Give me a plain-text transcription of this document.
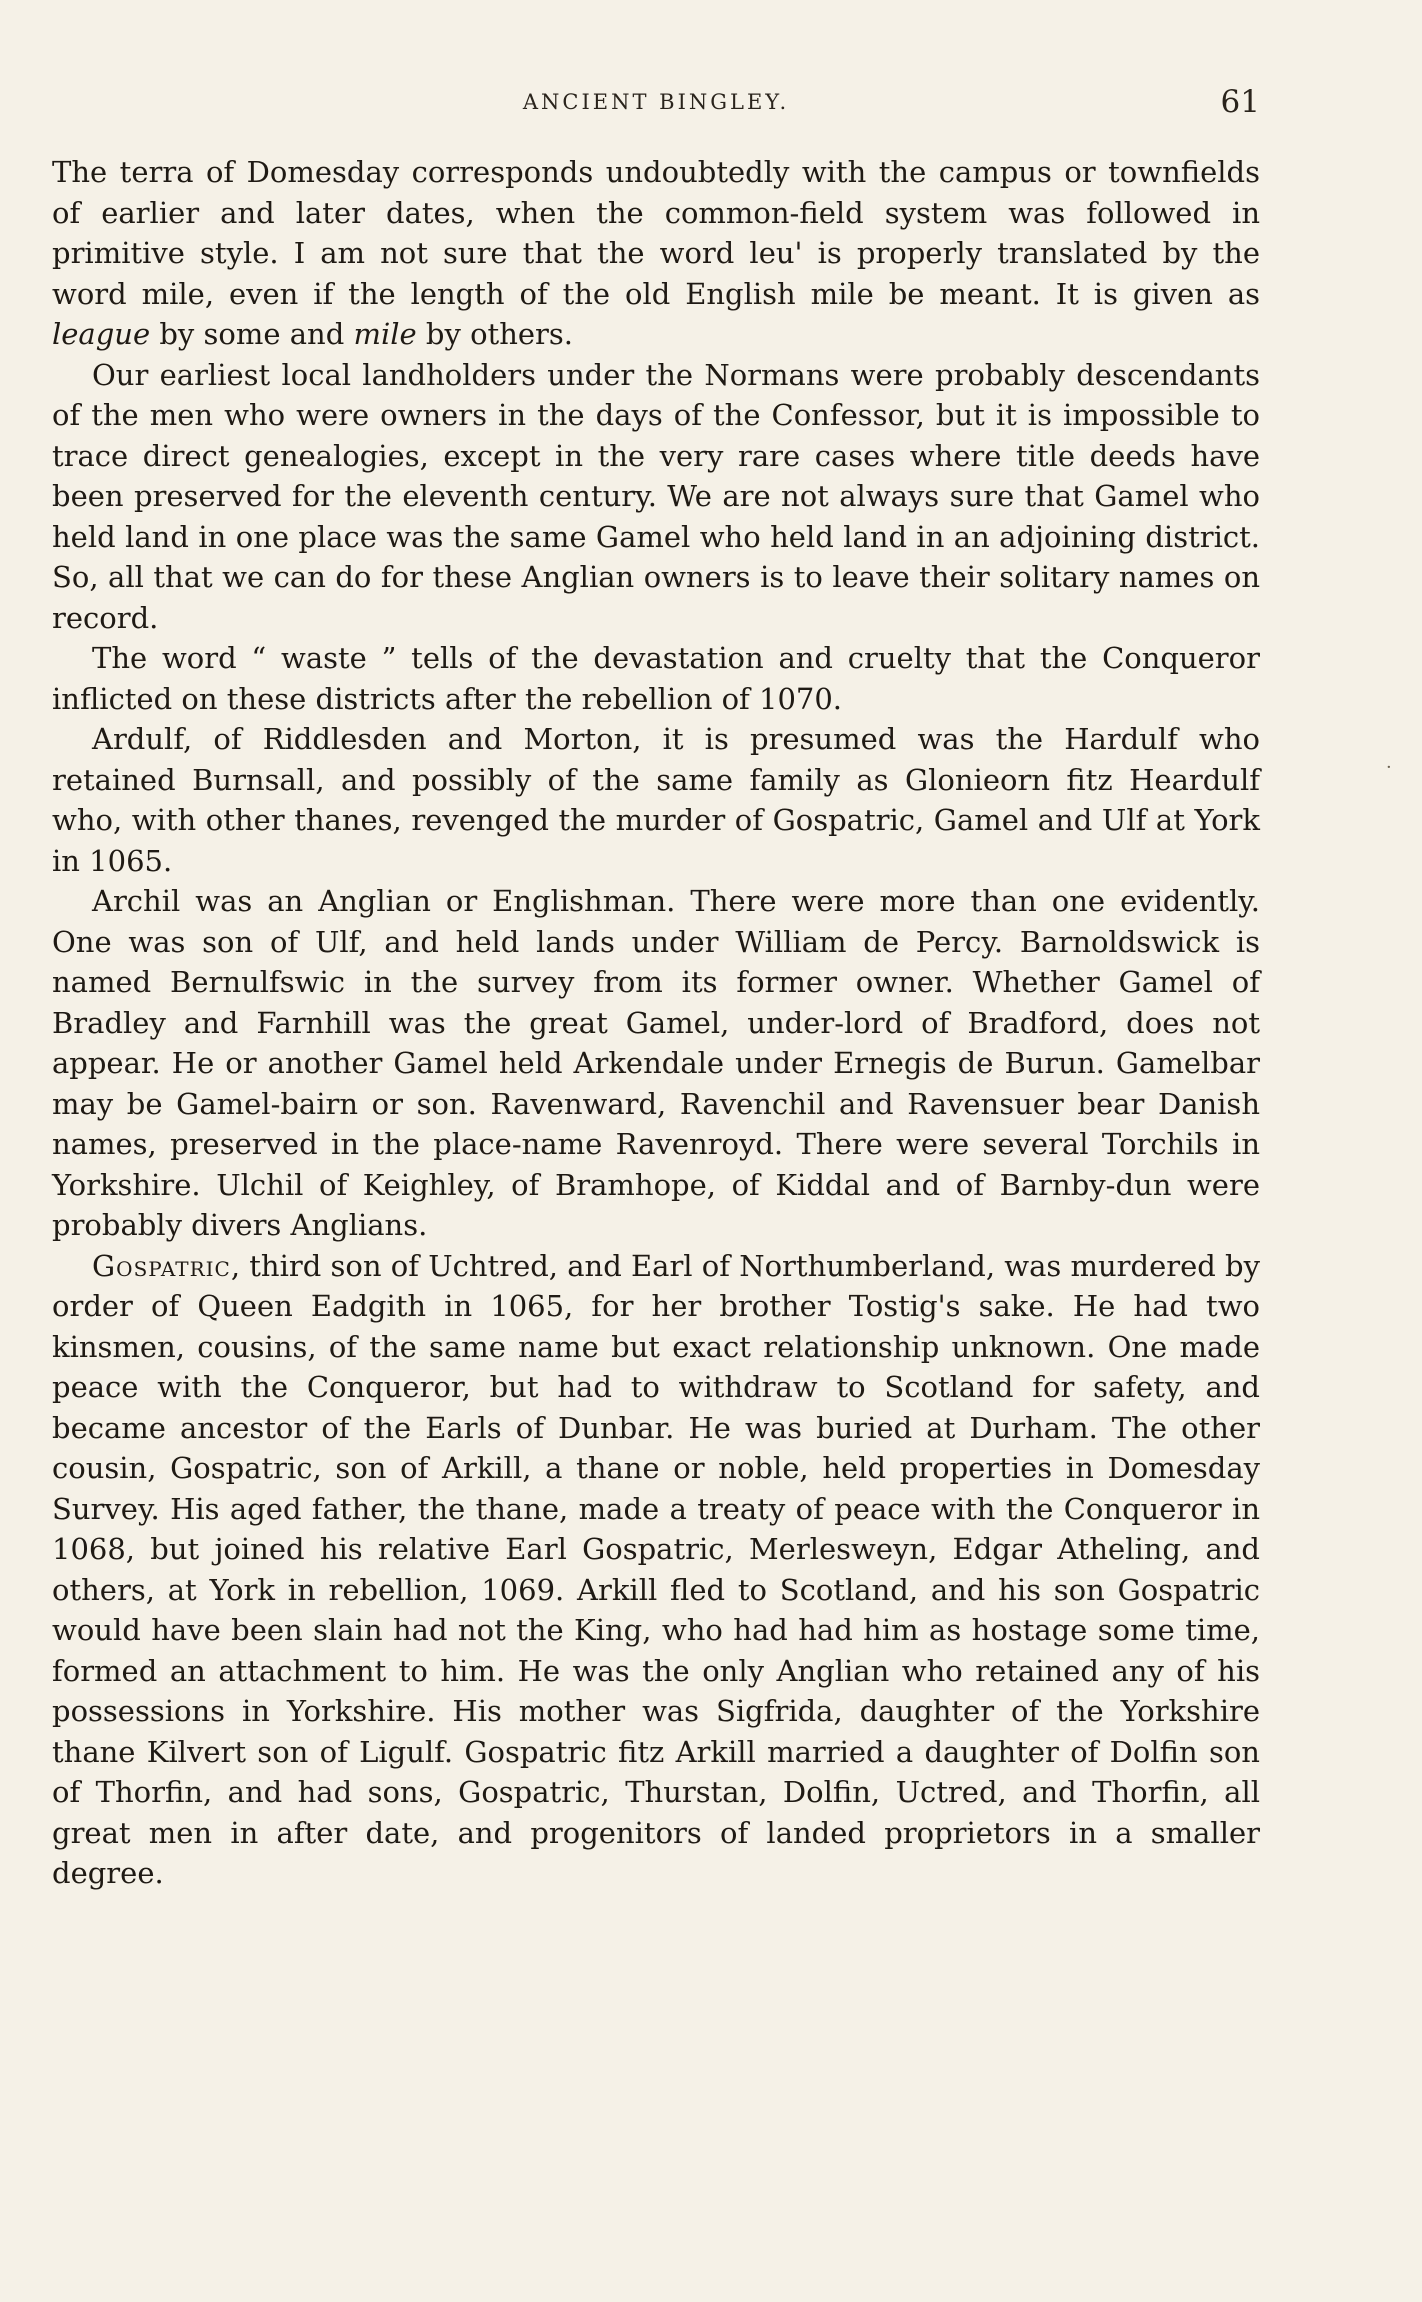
ANCIENT BINGLEY.	61

The terra of Domesday corresponds undoubtedly with the campus or townfields of earlier and later dates, when the common-field system was followed in primitive style. I am not sure that the word leu' is properly translated by the word mile, even if the length of the old English mile be meant. It is given as league by some and mile by others.

Our earliest local landholders under the Normans were probably descendants of the men who were owners in the days of the Confessor, but it is impossible to trace direct genealogies, except in the very rare cases where title deeds have been preserved for the eleventh century. We are not always sure that Gamel who held land in one place was the same Gamel who held land in an adjoining district. So, all that we can do for these Anglian owners is to leave their solitary names on record.

The word “ waste ” tells of the devastation and cruelty that the Conqueror inflicted on these districts after the rebellion of 1070.

Ardulf, of Riddlesden and Morton, it is presumed was the Hardulf who retained Burnsall, and possibly of the same family as Glonieorn fitz Heardulf who, with other thanes, revenged the murder of Gospatric, Gamel and Ulf at York in 1065.

Archil was an Anglian or Englishman. There were more than one evidently. One was son of Ulf, and held lands under William de Percy. Barnoldswick is named Bernulfswic in the survey from its former owner. Whether Gamel of Bradley and Farnhill was the great Gamel, under-lord of Bradford, does not appear. He or another Gamel held Arkendale under Ernegis de Burun. Gamelbar may be Gamel-bairn or son. Ravenward, Ravenchil and Ravensuer bear Danish names, preserved in the place-name Ravenroyd. There were several Torchils in Yorkshire. Ulchil of Keighley, of Bramhope, of Kiddal and of Barnby-dun were probably divers Anglians.

Gospatric, third son of Uchtred, and Earl of Northumberland, was murdered by order of Queen Eadgith in 1065, for her brother Tostig's sake. He had two kinsmen, cousins, of the same name but exact relationship unknown. One made peace with the Conqueror, but had to withdraw to Scotland for safety, and became ancestor of the Earls of Dunbar. He was buried at Durham. The other cousin, Gospatric, son of Arkill, a thane or noble, held properties in Domesday Survey. His aged father, the thane, made a treaty of peace with the Conqueror in 1068, but joined his relative Earl Gospatric, Merlesweyn, Edgar Atheling, and others, at York in rebellion, 1069. Arkill fled to Scotland, and his son Gospatric would have been slain had not the King, who had had him as hostage some time, formed an attachment to him. He was the only Anglian who retained any of his possessions in Yorkshire. His mother was Sigfrida, daughter of the Yorkshire thane Kilvert son of Ligulf. Gospatric fitz Arkill married a daughter of Dolfin son of Thorfin, and had sons, Gospatric, Thurstan, Dolfin, Uctred, and Thorfin, all great men in after date, and progenitors of landed proprietors in a smaller degree.

·
